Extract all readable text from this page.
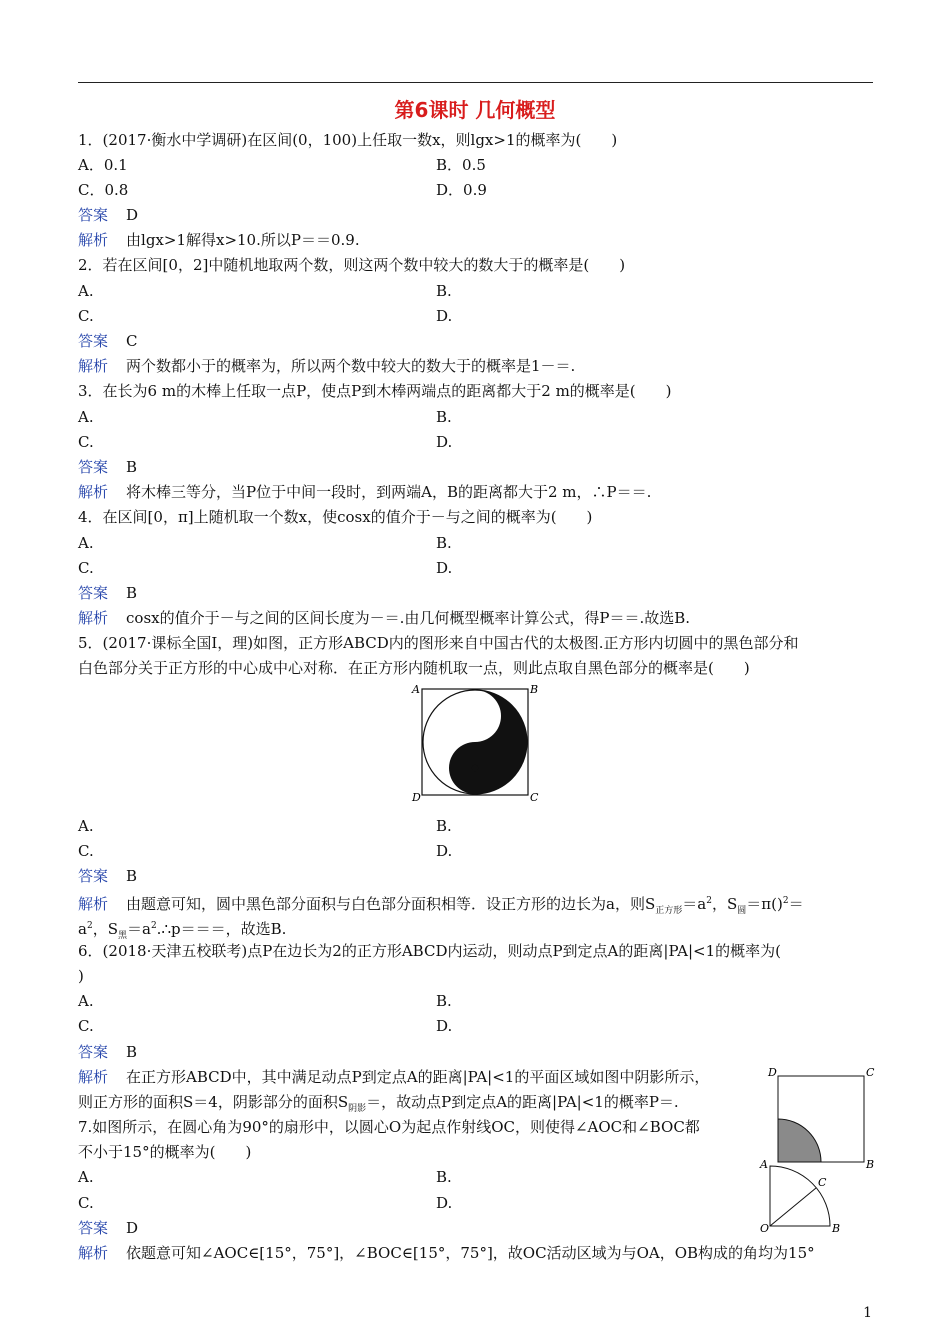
第6课时 几何概型
1．(2017·衡水中学调研)在区间(0，100)上任取一数x，则lgx>1的概率为(　　)
A．0.1	B．0.5
C．0.8	D．0.9
答案 D
解析 由lgx>1解得x>10.所以P＝＝0.9.
2．若在区间[0，2]中随机地取两个数，则这两个数中较大的数大于的概率是(　　)
A.	B.
C.	D.
答案 C
解析 两个数都小于的概率为，所以两个数中较大的数大于的概率是1－＝.
3．在长为6 m的木棒上任取一点P，使点P到木棒两端点的距离都大于2 m的概率是(　　)
A.	B.
C.	D.
答案 B
解析 将木棒三等分，当P位于中间一段时，到两端A，B的距离都大于2 m，∴P＝＝.
4．在区间[0，π]上随机取一个数x，使cosx的值介于－与之间的概率为(　　)
A.	B.
C.	D.
答案 B
解析 cosx的值介于－与之间的区间长度为－＝.由几何概型概率计算公式，得P＝＝.故选B.
5．(2017·课标全国Ⅰ，理)如图，正方形ABCD内的图形来自中国古代的太极图.正方形内切圆中的黑色部分和
白色部分关于正方形的中心成中心对称．在正方形内随机取一点，则此点取自黑色部分的概率是(　　)
A	B
C
D
A.	B.
C.	D.
答案 B
解析 由题意可知，圆中黑色部分面积与白色部分面积相等．设正方形的边长为a，则$S_{正方形}=a^2$，$S_圆=\pi()^2=$
$a^2$，$S_黑=a^2.\therefore p===$，故选B.
6．(2018·天津五校联考)点P在边长为2的正方形ABCD内运动，则动点P到定点A的距离|PA|<1的概率为(
)
A.	B.
C.	D.
答案 B
解析 在正方形ABCD中，其中满足动点P到定点A的距离|PA|<1的平面区域如图中阴影所示，
则正方形的面积S＝4，阴影部分的面积$S_{阴影}=$，故动点P到定点A的距离|PA|<1的概率P＝.
D	C
B
7.如图所示，在圆心角为90°的扇形中，以圆心O为起点作射线OC，则使得∠AOC和∠BOC都
不小于15°的概率为(　　)
A
C
O	B
A.	B.
C.	D.
答案 D
解析 依题意可知∠AOC∈[15°，75°]，∠BOC∈[15°，75°]，故OC活动区域为与OA，OB构成的角均为15°
1
